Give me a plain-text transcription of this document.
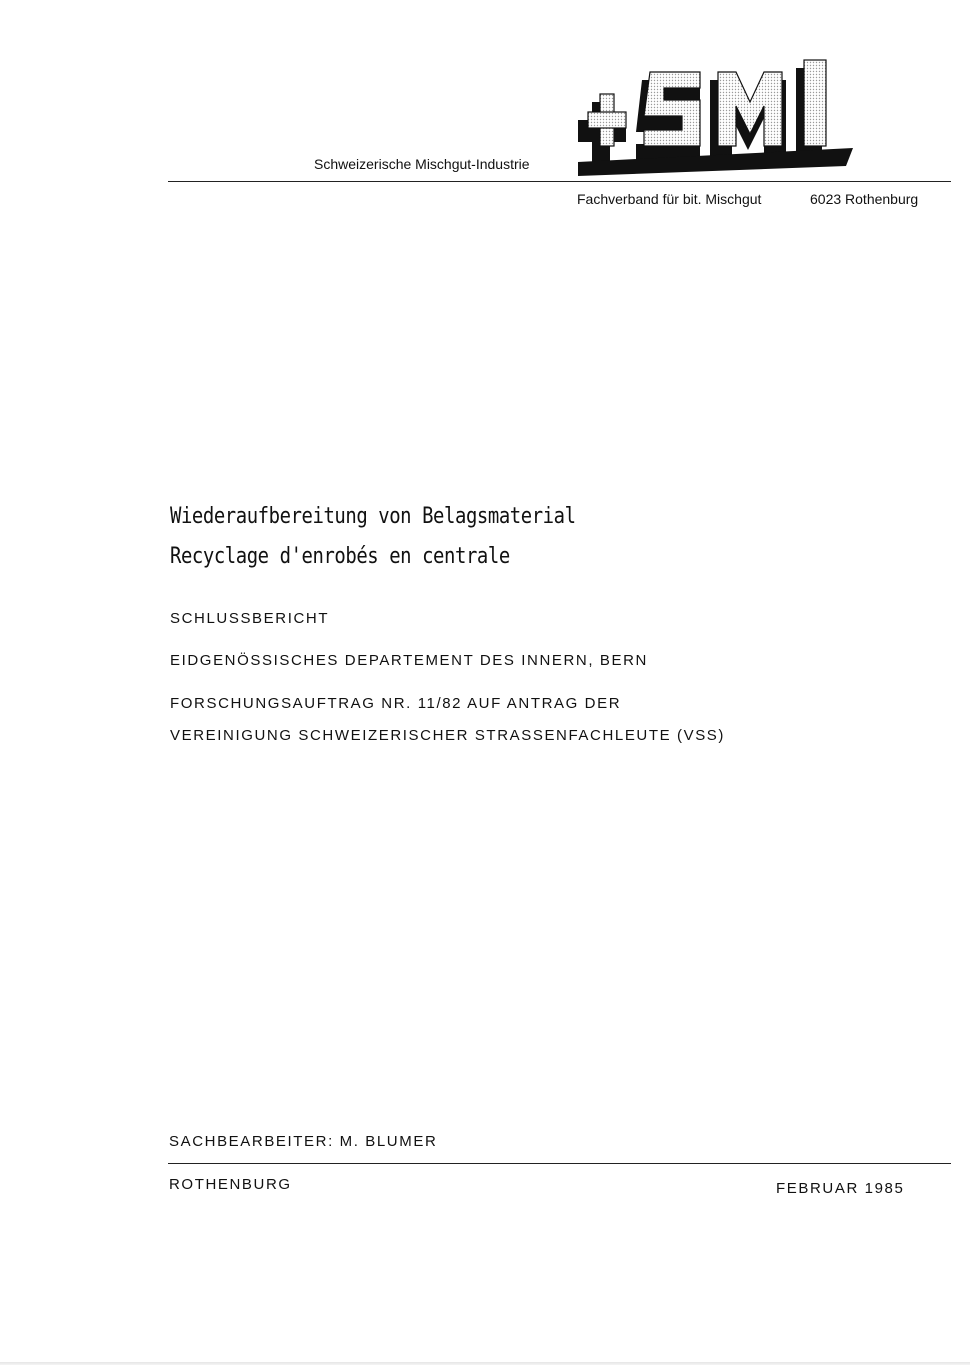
Schweizerische Mischgut-Industrie
Fachverband für bit. Mischgut	6023 Rothenburg
Wiederaufbereitung von Belagsmaterial
Recyclage d'enrobés en centrale
SCHLUSSBERICHT
EIDGENÖSSISCHES DEPARTEMENT DES INNERN, BERN
FORSCHUNGSAUFTRAG NR. 11/82 AUF ANTRAG DER
VEREINIGUNG SCHWEIZERISCHER STRASSENFACHLEUTE (VSS)
SACHBEARBEITER: M. BLUMER
ROTHENBURG	FEBRUAR 1985
